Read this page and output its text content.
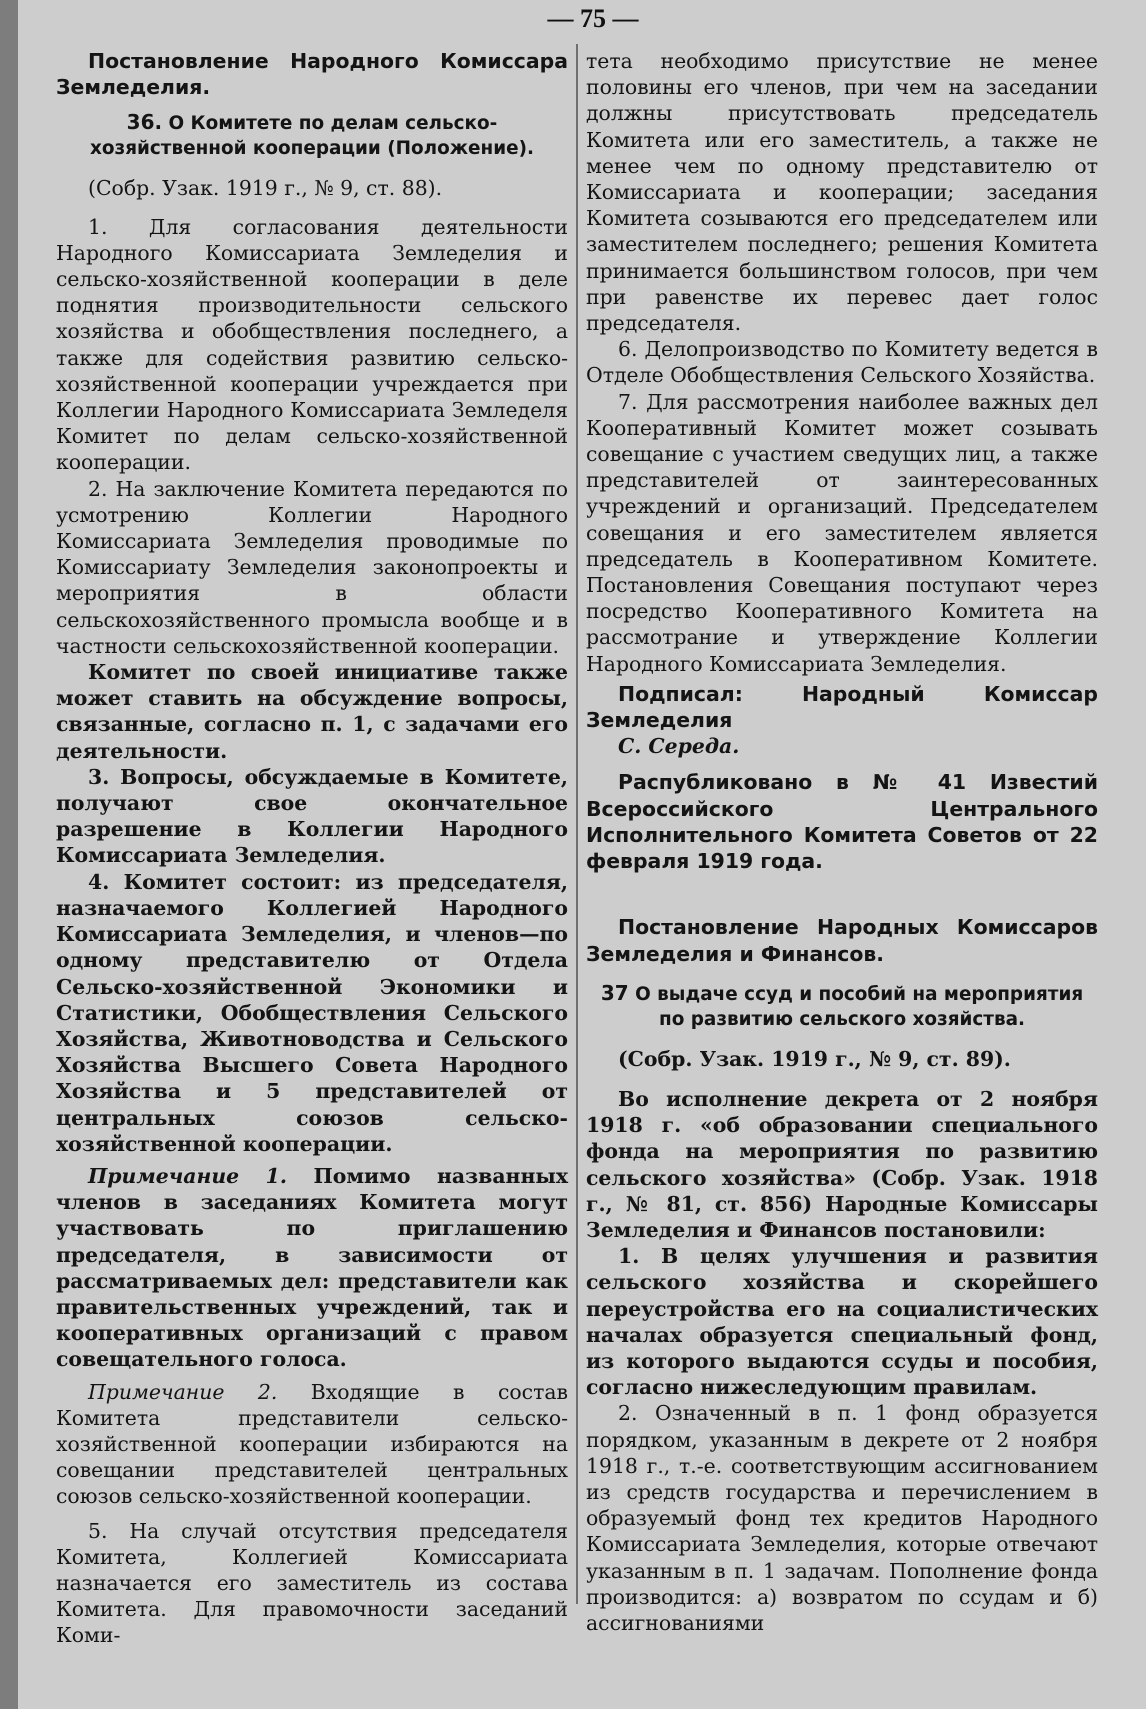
— 75 —

Постановление Народного Комиссара Земледелия.

36. О Комитете по делам сельско-хозяйственной кооперации (Положение).

(Собр. Узак. 1919 г., № 9, ст. 88).

1. Для согласования деятельности Народного Комиссариата Земледелия и сельско-хозяйственной кооперации в деле поднятия производительности сельского хозяйства и обобществления последнего, а также для содействия развитию сельско-хозяйственной кооперации учреждается при Коллегии Народного Комиссариата Земледеля Комитет по делам сельско-хозяйственной кооперации.

2. На заключение Комитета передаются по усмотрению Коллегии Народного Комиссариата Земледелия проводимые по Комиссариату Земледелия законопроекты и мероприятия в области сельскохозяйственного промысла вообще и в частности сельскохозяйственной кооперации.

Комитет по своей инициативе также может ставить на обсуждение вопросы, связанные, согласно п. 1, с задачами его деятельности.

3. Вопросы, обсуждаемые в Комитете, получают свое окончательное разрешение в Коллегии Народного Комиссариата Земледелия.

4. Комитет состоит: из председателя, назначаемого Коллегией Народного Комиссариата Земледелия, и членов—по одному представителю от Отдела Сельско-хозяйственной Экономики и Статистики, Обобществления Сельского Хозяйства, Животноводства и Сельского Хозяйства Высшего Совета Народного Хозяйства и 5 представителей от центральных союзов сельско-хозяйственной кооперации.

Примечание 1. Помимо названных членов в заседаниях Комитета могут участвовать по приглашению председателя, в зависимости от рассматриваемых дел: представители как правительственных учреждений, так и кооперативных организаций с правом совещательного голоса.

Примечание 2. Входящие в состав Комитета представители сельско-хозяйственной кооперации избираются на совещании представителей центральных союзов сельско-хозяйственной кооперации.

5. На случай отсутствия председателя Комитета, Коллегией Комиссариата назначается его заместитель из состава Комитета. Для правомочности заседаний Коми-

тета необходимо присутствие не менее половины его членов, при чем на заседании должны присутствовать председатель Комитета или его заместитель, а также не менее чем по одному представителю от Комиссариата и кооперации; заседания Комитета созываются его председателем или заместителем последнего; решения Комитета принимается большинством голосов, при чем при равенстве их перевес дает голос председателя.

6. Делопроизводство по Комитету ведется в Отделе Обобществления Сельского Хозяйства.

7. Для рассмотрения наиболее важных дел Кооперативный Комитет может созывать совещание с участием сведущих лиц, а также представителей от заинтересованных учреждений и организаций. Председателем совещания и его заместителем является председатель в Кооперативном Комитете. Постановления Совещания поступают через посредство Кооперативного Комитета на рассмотрание и утверждение Коллегии Народного Комиссариата Земледелия.

Подписал: Народный Комиссар Земледелия

С. Середа.

Распубликовано в № 41 Известий Всероссийского Центрального Исполнительного Комитета Советов от 22 февраля 1919 года.

Постановление Народных Комиссаров Земледелия и Финансов.

37 О выдаче ссуд и пособий на мероприятия по развитию сельского хозяйства.

(Собр. Узак. 1919 г., № 9, ст. 89).

Во исполнение декрета от 2 ноября 1918 г. «об образовании специального фонда на мероприятия по развитию сельского хозяйства» (Собр. Узак. 1918 г., № 81, ст. 856) Народные Комиссары Земледелия и Финансов постановили:

1. В целях улучшения и развития сельского хозяйства и скорейшего переустройства его на социалистических началах образуется специальный фонд, из которого выдаются ссуды и пособия, согласно нижеследующим правилам.

2. Означенный в п. 1 фонд образуется порядком, указанным в декрете от 2 ноября 1918 г., т.-е. соответствующим ассигнованием из средств государства и перечислением в образуемый фонд тех кредитов Народного Комиссариата Земледелия, которые отвечают указанным в п. 1 задачам. Пополнение фонда производится: а) возвратом по ссудам и б) ассигнованиями
